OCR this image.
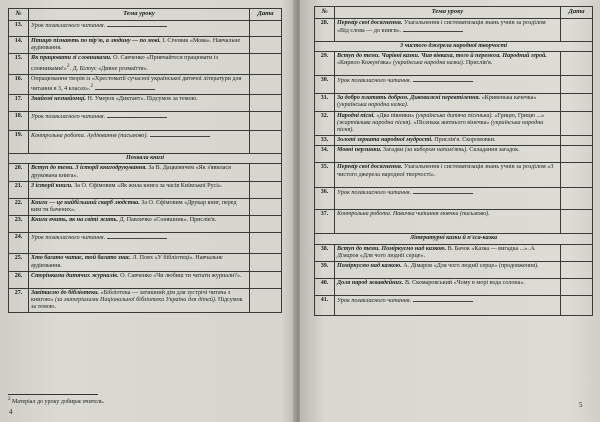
№	Тема уроку	Дата
13.	Урок позакласного читання.	
14.	Птицю пізнають по пір'ю, а людину — по мові. І. Січовик «Мова». Навчальне аудіювання.	
15.	Як працювати зі словниками. О. Савченко «Привчайтеся працювати із словниками!»$^2$. Д. Білоус «Дивне розмаїття».	
16.	Опрацювання творів із «Хрестоматії сучасної української дитячої літератури для читання в 3, 4 класах».$^2$	
17.	Знайомі незнайомці. Н. Умеров «Диктант». Підсумок за темою.	
18.	Урок позакласного читання.	
19.	Контрольна робота. Аудіювання (письмово).	
Похвала книзі		
20.	Вступ до теми. З історії книгодрукування. За В. Дацкевичем «Як з'явилася друкована книга».	
21.	З історії книги. За О. Єфімовим «Як жила книга за часів Київської Русі».	
22.	Книги — це найбільший скарб людства. За О. Єфімовим «Друкар книг, перед ким ти бачених».	
23.	Книги вчить, як на світі жить. Д. Павличко «Соняшник». Прислів'я.	
24.	Урок позакласного читання.	
25.	Хто багато читає, той багато знає. Л. Повх «У бібліотеці». Навчальне аудіювання.	
26.	Сторінками дитячих журналів. О. Савченко «Чи любиш ти читати журнали?».	
27.	Завітаємо до бібліотеки. «Бібліотека — затишний дім для зустрічі читача з книгою» (за матеріалами Національної бібліотеки України для дітей). Підсумок за темою.	
$^2$ Матеріал до уроку добирає вчитель.
4
№	Тема уроку	Дата
28.	Перевір свої досягнення. Узагальнення і систематизація знань учнів за розділом «Від слова — до книги».	
З чистого джерела народної творчості		
29.	Вступ до теми. Чарівні казки. Чия вівкаха, того й перемога. Народний герой. «Кирило Кожум'яка» (українська народна казка). Прислів'я.	
30.	Урок позакласного читання.	
31.	За добро платять добром. Дивовижні перевтілення. «Кривенька качечка» (українська народна казка).	
32.	Народні пісні. «Два півники» (українська дитяча пісенька). «Грицю, Грицю ...» (жартівлива народна пісня). «Пісенька житнього вінечка» (українська народна пісня).	
33.	Золоті зерната народної мудрості. Прислів'я. Скоромовки.	
34.	Мовні перлинки. Загадки (за вибором напам'ять). Складання загадок.	
35.	Перевір свої досягнення. Узагальнення і систематизація знань учнів за розділом «З чистого джерела народної творчості».	
36.	Урок позакласного читання.	
37.	Контрольна робота. Навичка читання мовчки (письмово).	
Літературні казки й п'єса-казка		
38.	Вступ до теми. Поміркуємо над казкою. В. Бачок «Казка — вигадка ...». А. Дімаров «Для чого люднії серце».	
39.	Поміркуємо над казкою. А. Дімаров «Для чого люднії серце» (продовження).	
40.	Доля народ жвавдейних. В. Скомаровський «Чому в морі вода солона».	
41.	Урок позакласного читання.	
5
